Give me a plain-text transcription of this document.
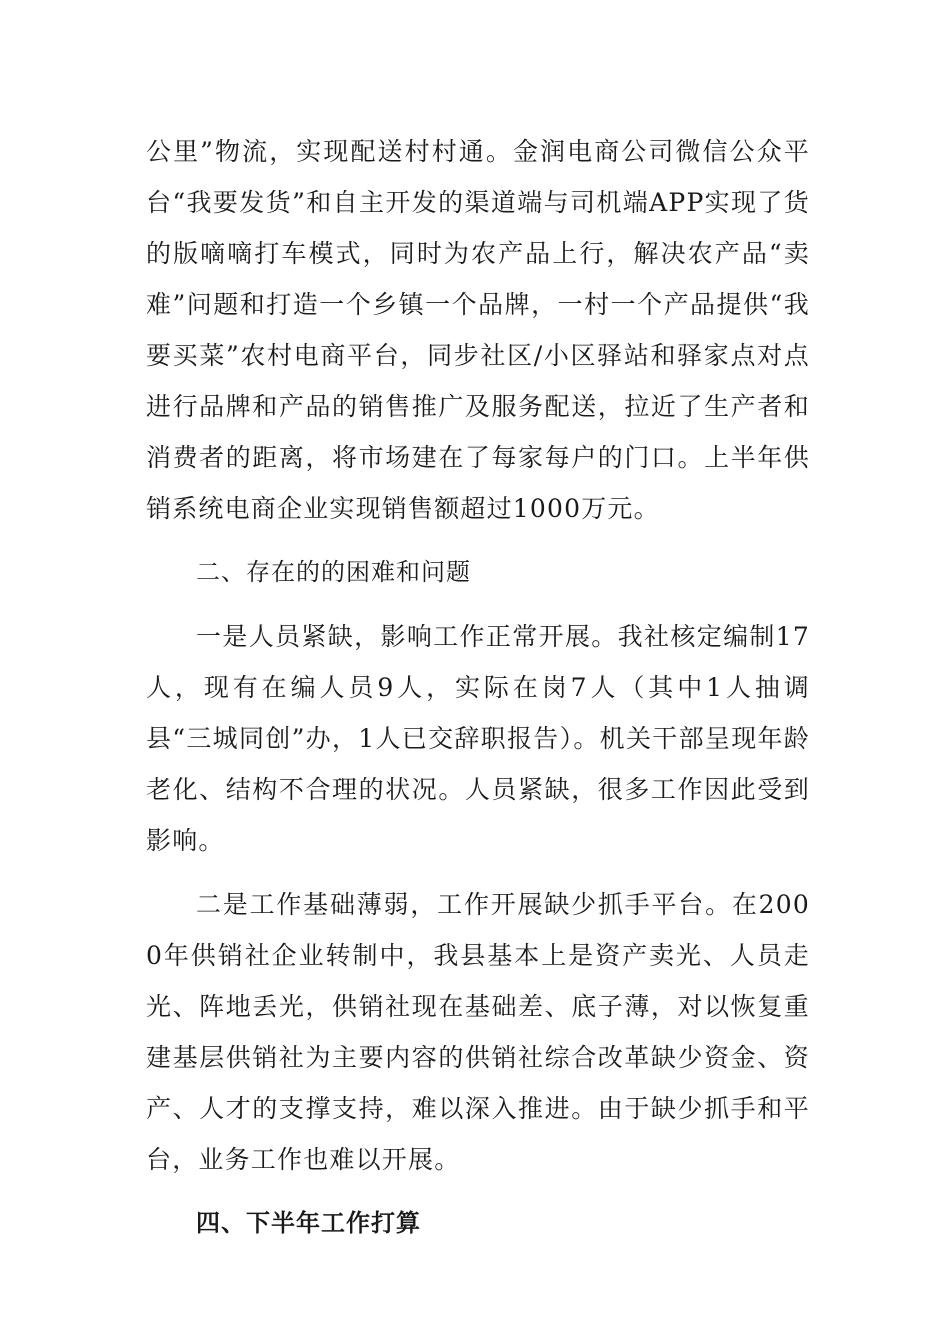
公里”物流，实现配送村村通。金润电商公司微信公众平台“我要发货”和自主开发的渠道端与司机端APP实现了货的版嘀嘀打车模式，同时为农产品上行，解决农产品“卖难”问题和打造一个乡镇一个品牌，一村一个产品提供“我要买菜”农村电商平台，同步社区/小区驿站和驿家点对点进行品牌和产品的销售推广及服务配送，拉近了生产者和消费者的距离，将市场建在了每家每户的门口。上半年供销系统电商企业实现销售额超过1000万元。

二、存在的的困难和问题

一是人员紧缺，影响工作正常开展。我社核定编制17人，现有在编人员9人，实际在岗7人（其中1人抽调县“三城同创”办，1人已交辞职报告）。机关干部呈现年龄老化、结构不合理的状况。人员紧缺，很多工作因此受到影响。

二是工作基础薄弱，工作开展缺少抓手平台。在2000年供销社企业转制中，我县基本上是资产卖光、人员走光、阵地丢光，供销社现在基础差、底子薄，对以恢复重建基层供销社为主要内容的供销社综合改革缺少资金、资产、人才的支撑支持，难以深入推进。由于缺少抓手和平台，业务工作也难以开展。

四、下半年工作打算
